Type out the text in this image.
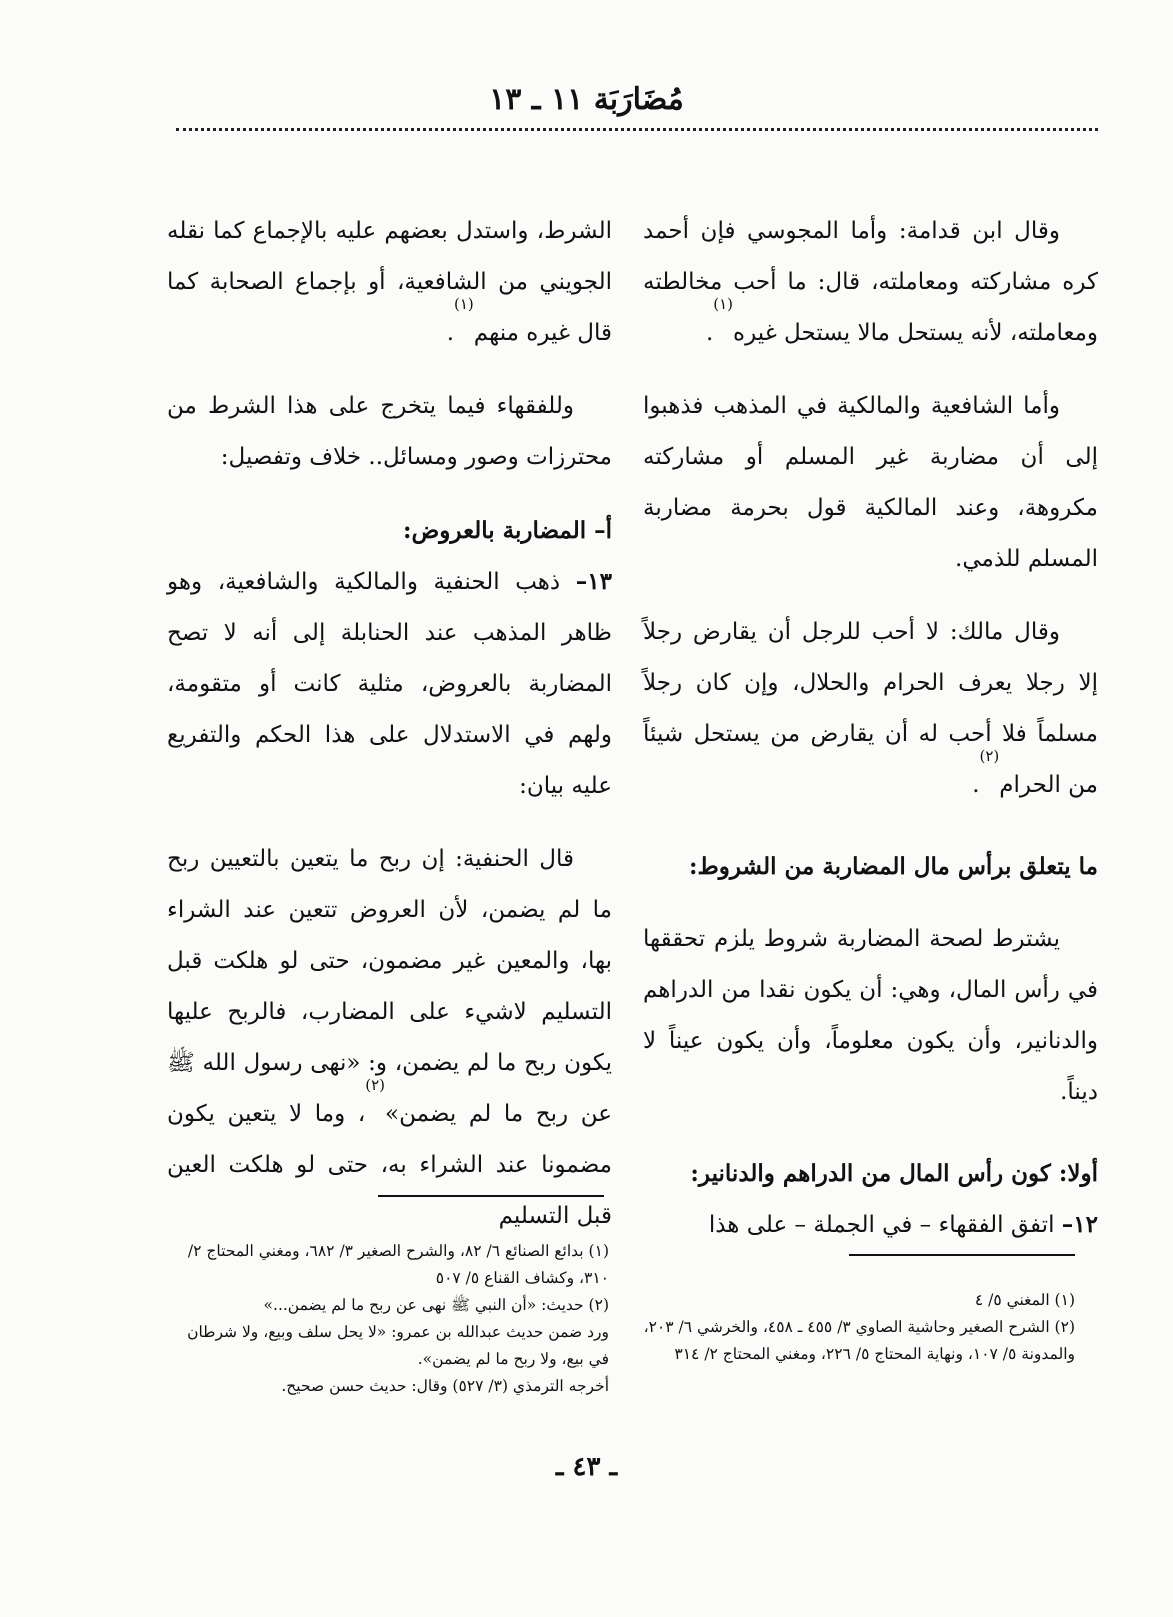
مُضَارَبَة ١١ ـ ١٣

وقال ابن قدامة: وأما المجوسي فإن أحمد كره مشاركته ومعاملته، قال: ما أحب مخالطته ومعاملته، لأنه يستحل مالا يستحل غيره$^{(١)}$.

وأما الشافعية والمالكية في المذهب فذهبوا إلى أن مضاربة غير المسلم أو مشاركته مكروهة، وعند المالكية قول بحرمة مضاربة المسلم للذمي.

وقال مالك: لا أحب للرجل أن يقارض رجلاً إلا رجلا يعرف الحرام والحلال، وإن كان رجلاً مسلماً فلا أحب له أن يقارض من يستحل شيئاً من الحرام$^{(٢)}$.

ما يتعلق برأس مال المضاربة من الشروط:

يشترط لصحة المضاربة شروط يلزم تحققها في رأس المال، وهي: أن يكون نقدا من الدراهم والدنانير، وأن يكون معلوماً، وأن يكون عيناً لا ديناً.

أولا: كون رأس المال من الدراهم والدنانير:

١٢– اتفق الفقهاء – في الجملة – على هذا

الشرط، واستدل بعضهم عليه بالإجماع كما نقله الجويني من الشافعية، أو بإجماع الصحابة كما قال غيره منهم$^{(١)}$.

وللفقهاء فيما يتخرج على هذا الشرط من محترزات وصور ومسائل.. خلاف وتفصيل:

أ– المضاربة بالعروض:

١٣– ذهب الحنفية والمالكية والشافعية، وهو ظاهر المذهب عند الحنابلة إلى أنه لا تصح المضاربة بالعروض، مثلية كانت أو متقومة، ولهم في الاستدلال على هذا الحكم والتفريع عليه بيان:

قال الحنفية: إن ربح ما يتعين بالتعيين ربح ما لم يضمن، لأن العروض تتعين عند الشراء بها، والمعين غير مضمون، حتى لو هلكت قبل التسليم لاشيء على المضارب، فالربح عليها يكون ربح ما لم يضمن، و: «نهى رسول الله ﷺ عن ربح ما لم يضمن»$^{(٢)}$، وما لا يتعين يكون مضمونا عند الشراء به، حتى لو هلكت العين قبل التسليم

(١) المغني ٥/ ٤

(٢) الشرح الصغير وحاشية الصاوي ٣/ ٤٥٥ ـ ٤٥٨، والخرشي ٦/ ٢٠٣، والمدونة ٥/ ١٠٧، ونهاية المحتاج ٥/ ٢٢٦، ومغني المحتاج ٢/ ٣١٤

(١) بدائع الصنائع ٦/ ٨٢، والشرح الصغير ٣/ ٦٨٢، ومغني المحتاج ٢/ ٣١٠، وكشاف القناع ٥/ ٥٠٧

(٢) حديث: «أن النبي ﷺ نهى عن ربح ما لم يضمن...»

ورد ضمن حديث عبدالله بن عمرو: «لا يحل سلف وبيع، ولا شرطان في بيع، ولا ربح ما لم يضمن».

أخرجه الترمذي (٣/ ٥٢٧) وقال: حديث حسن صحيح.

ـ ٤٣ ـ
